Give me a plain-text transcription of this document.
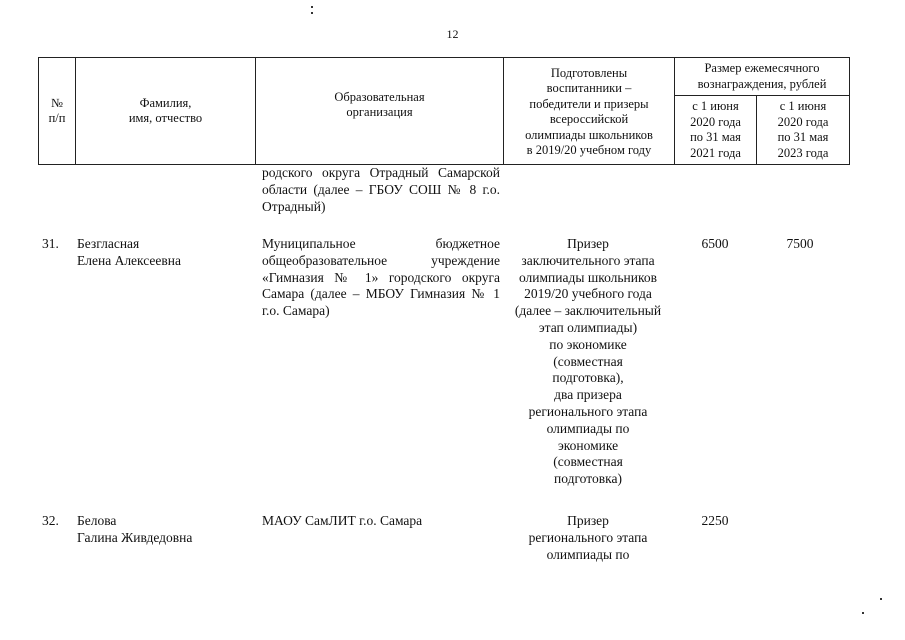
12
№
п/п
Фамилия,
имя, отчество
Образовательная
организация
Подготовлены
воспитанники –
победители и призеры
всероссийской
олимпиады школьников
в 2019/20 учебном году
Размер ежемесячного
вознаграждения, рублей
с 1 июня
2020 года
по 31 мая
2021 года
с 1 июня
2020 года
по 31 мая
2023 года
родского округа Отрадный Самарской области (далее – ГБОУ СОШ № 8 г.о. Отрадный)
31. Безгласная
Елена Алексеевна
Муниципальное бюджетное общеобразовательное учреждение «Гимназия № 1» городского округа Самара (далее – МБОУ Гимназия № 1 г.о. Самара)
Призер
заключительного этапа
олимпиады школьников
2019/20 учебного года
(далее – заключительный
этап олимпиады)
по экономике
(совместная
подготовка),
два призера
регионального этапа
олимпиады по
экономике
(совместная
подготовка)
6500	7500
32. Белова
Галина Живдедовна
МАОУ СамЛИТ г.о. Самара	Призер
регионального этапа
олимпиады по
2250
